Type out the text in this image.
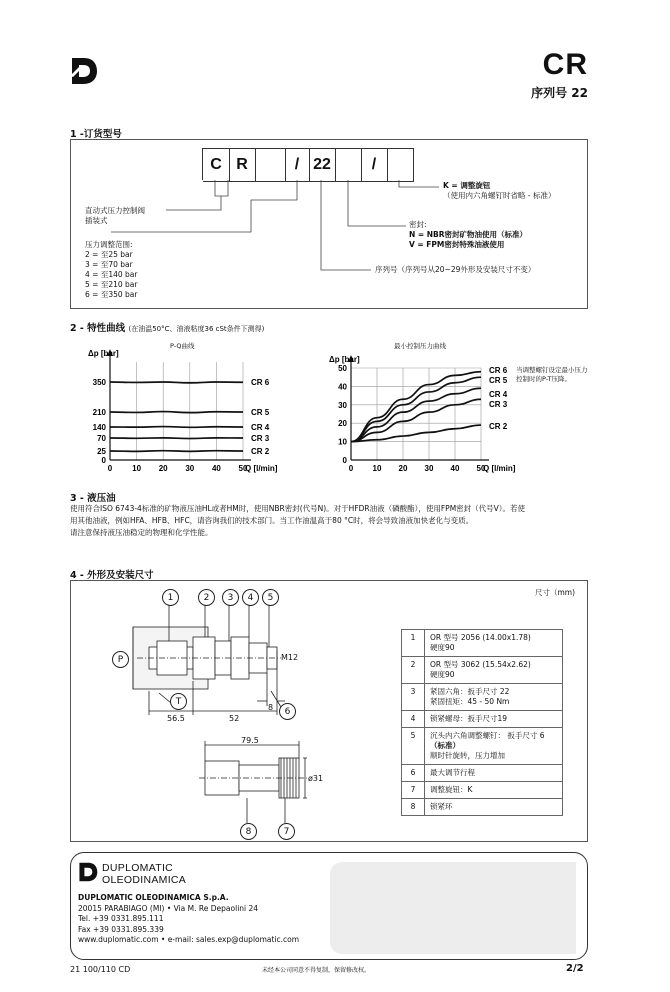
CR
序列号 22
1 -订货型号
C R	/ 22	/
K = 调整旋钮
（使用内六角螺钉时省略 - 标准）
直动式压力控制阀
插装式	密封:
N = NBR密封矿物油使用（标准）
V = FPM密封特殊油液使用
压力调整范围:
2 = 至25 bar
3 = 至70 bar
4 = 至140 bar
5 = 至210 bar
6 = 至350 bar
序列号（序列号从20~29外形及安装尺寸不变）
2 - 特性曲线 (在油温50°C、油液粘度36 cSt条件下测得)
P-Q曲线	最小控制压力曲线
当调整螺钉设定最小压力
控制时的P-T压降。
0
25
70
140
210
350
0 10 20 30 40 50
Δp [bar]
Q [l/min]
CR 6
CR 5
CR 4
CR 3
CR 2
0
10
20
30
40
50
0 10 20 30 40 50
Δp [bar]
Q [l/min]
CR 6
CR 5
CR 4
CR 3
CR 2
3 - 液压油
使用符合ISO 6743-4标准的矿物液压油HL或者HM时，使用NBR密封(代号N)。对于HFDR油液（磷酸酯），使用FPM密封（代号V）。若使
用其他油液，例如HFA、HFB、HFC，请咨询我们的技术部门。当工作油温高于80 °C时，将会导致油液加快老化与变质。
请注意保持液压油稳定的物理和化学性能。
4 - 外形及安装尺寸
尺寸（mm)
1	2	3	4	5
6
8	7
P
T
56.5	52
8
79.5
ø31
M12
1	OR 型号 2056 (14.00x1.78)
硬度90

2	OR 型号 3062 (15.54x2.62)
硬度90

3	紧固六角：扳手尺寸 22
紧固扭矩：45 - 50 Nm

4	锁紧螺母：扳手尺寸19
5	沉头内六角调整螺钉： 扳手尺寸 6
（标准）
顺时针旋转，压力增加

6	最大调节行程
7	调整旋钮：K
8	锁紧环
DUPLOMATIC
OLEODINAMICA
DUPLOMATIC OLEODINAMICA S.p.A.
20015 PARABIAGO (MI) • Via M. Re Depaolini 24
Tel. +39 0331.895.111
Fax +39 0331.895.339
www.duplomatic.com • e-mail: sales.exp@duplomatic.com
21 100/110 CD	未经本公司同意不得复制，保留修改权。	2/2
